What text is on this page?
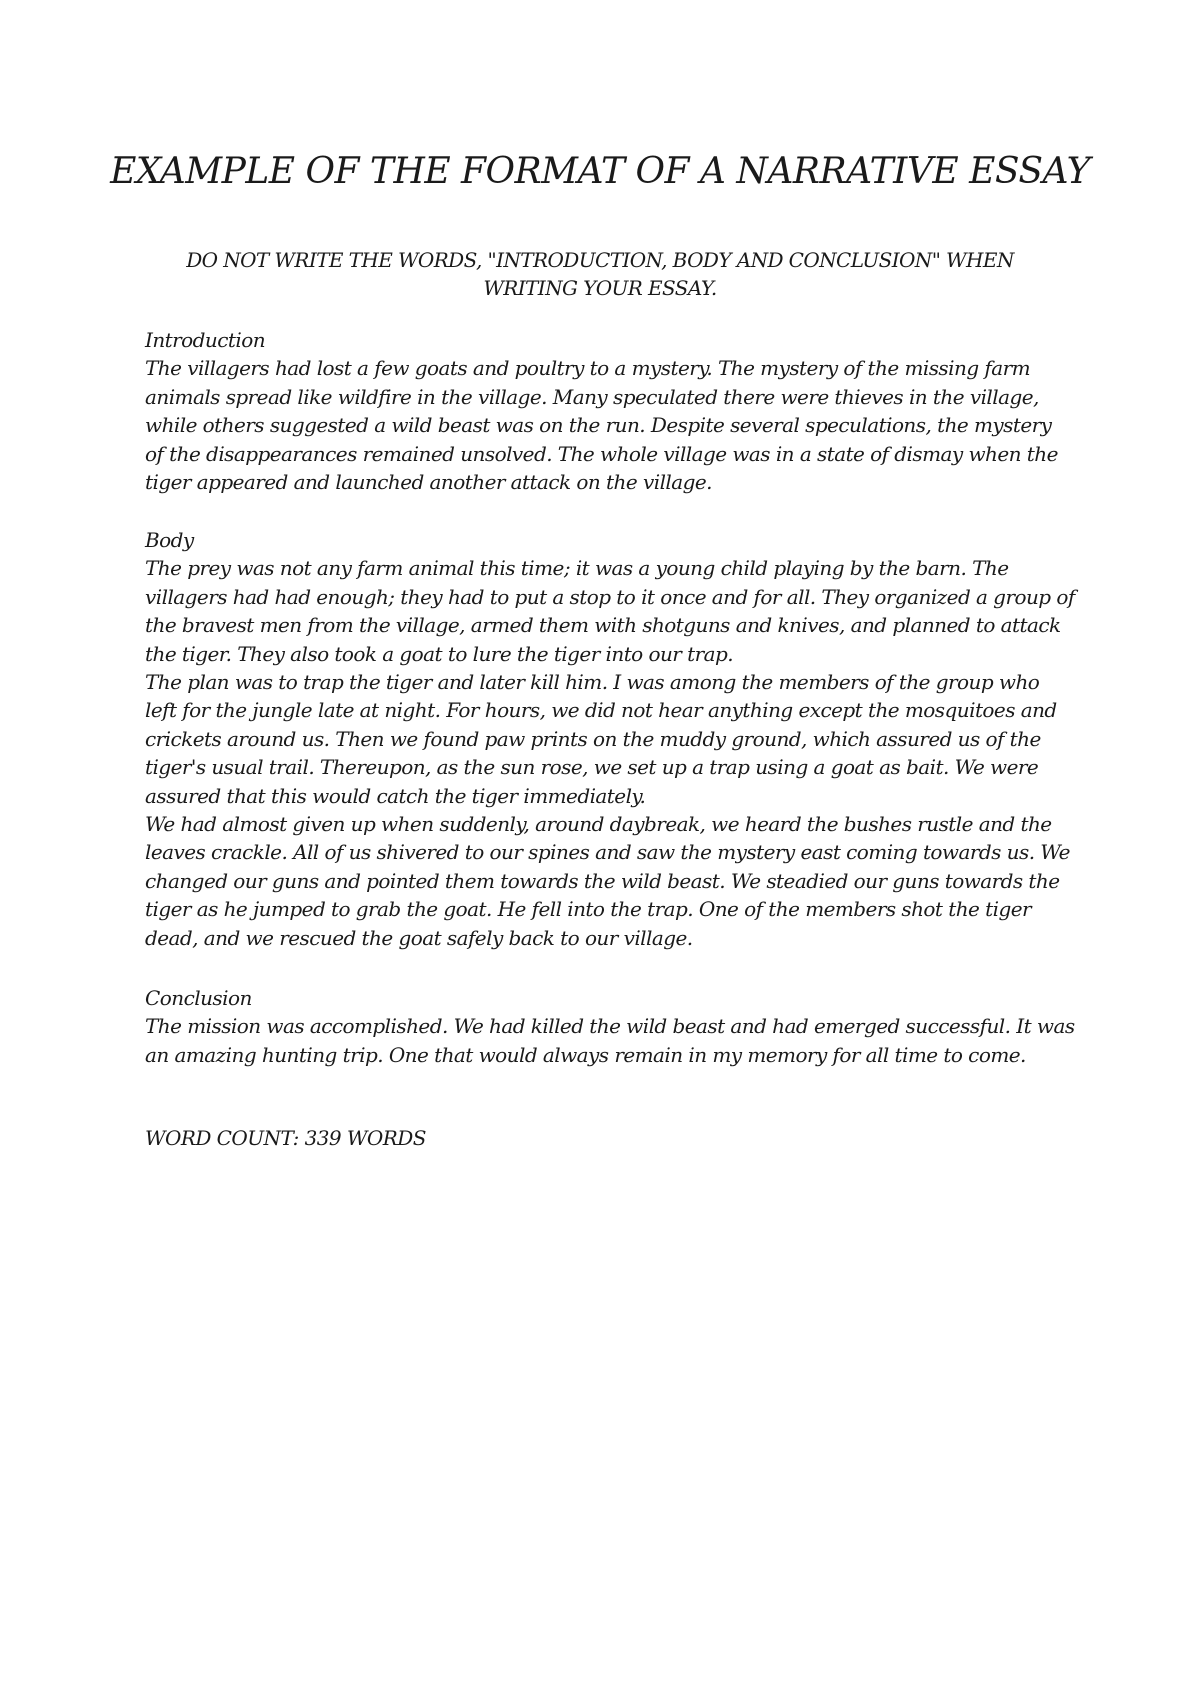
EXAMPLE OF THE FORMAT OF A NARRATIVE ESSAY

DO NOT WRITE THE WORDS, "INTRODUCTION, BODY AND CONCLUSION" WHEN WRITING YOUR ESSAY.

Introduction

The villagers had lost a few goats and poultry to a mystery. The mystery of the missing farm animals spread like wildfire in the village. Many speculated there were thieves in the village, while others suggested a wild beast was on the run. Despite several speculations, the mystery of the disappearances remained unsolved. The whole village was in a state of dismay when the tiger appeared and launched another attack on the village.

Body

The prey was not any farm animal this time; it was a young child playing by the barn. The villagers had had enough; they had to put a stop to it once and for all. They organized a group of the bravest men from the village, armed them with shotguns and knives, and planned to attack the tiger. They also took a goat to lure the tiger into our trap.

The plan was to trap the tiger and later kill him. I was among the members of the group who left for the jungle late at night. For hours, we did not hear anything except the mosquitoes and crickets around us. Then we found paw prints on the muddy ground, which assured us of the tiger's usual trail. Thereupon, as the sun rose, we set up a trap using a goat as bait. We were assured that this would catch the tiger immediately.

We had almost given up when suddenly, around daybreak, we heard the bushes rustle and the leaves crackle. All of us shivered to our spines and saw the mystery east coming towards us. We changed our guns and pointed them towards the wild beast. We steadied our guns towards the tiger as he jumped to grab the goat. He fell into the trap. One of the members shot the tiger dead, and we rescued the goat safely back to our village.

Conclusion

The mission was accomplished. We had killed the wild beast and had emerged successful. It was an amazing hunting trip. One that would always remain in my memory for all time to come.

WORD COUNT: 339 WORDS
